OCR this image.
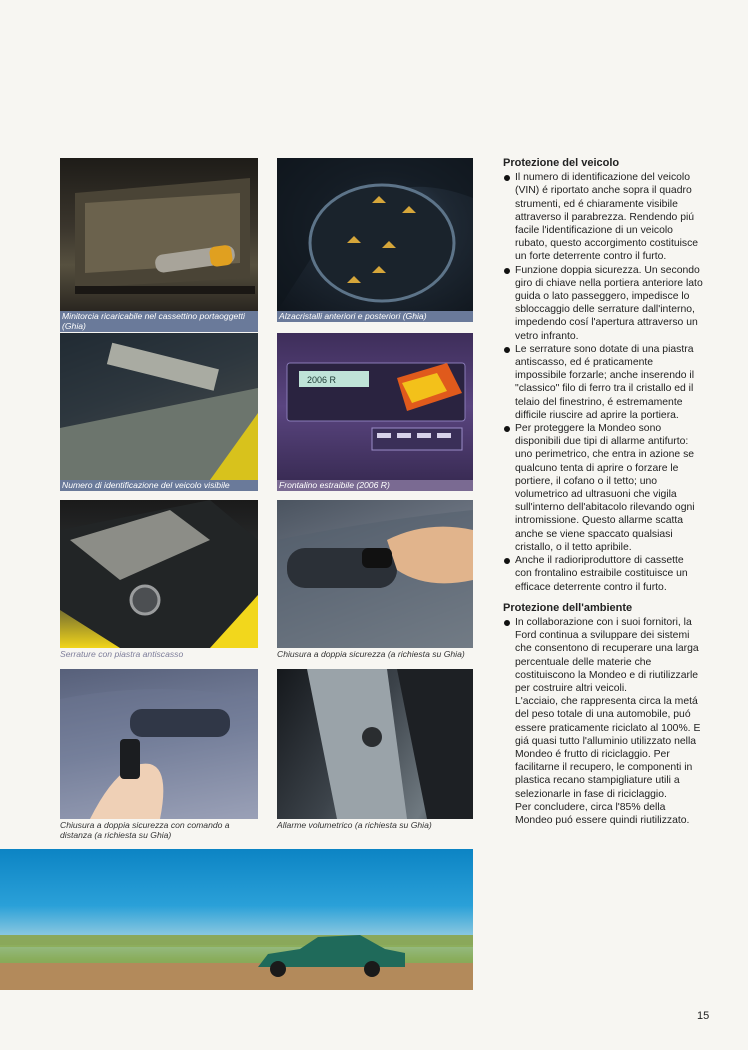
Minitorcia ricaricabile nel cassettino portaoggetti (Ghia)
Alzacristalli anteriori e posteriori (Ghia)
Numero di identificazione del veicolo visibile
2006 R
Frontalino estraibile (2006 R)
Serrature con piastra antiscasso	Chiusura a doppia sicurezza (a richiesta su Ghia)
Chiusura a doppia sicurezza con comando a distanza (a richiesta su Ghia)
Allarme volumetrico (a richiesta su Ghia)
Protezione del veicolo
Il numero di identificazione del veicolo (VIN) é riportato anche sopra il quadro strumenti, ed é chiaramente visibile attraverso il parabrezza. Rendendo piú facile l'identificazione di un veicolo rubato, questo accorgimento costituisce un forte deterrente contro il furto.
Funzione doppia sicurezza. Un secondo giro di chiave nella portiera anteriore lato guida o lato passeggero, impedisce lo sbloccaggio delle serrature dall'interno, impedendo cosí l'apertura attraverso un vetro infranto.
Le serrature sono dotate di una piastra antiscasso, ed é praticamente impossibile forzarle; anche inserendo il "classico" filo di ferro tra il cristallo ed il telaio del finestrino, é estremamente difficile riuscire ad aprire la portiera.
Per proteggere la Mondeo sono disponibili due tipi di allarme antifurto: uno perimetrico, che entra in azione se qualcuno tenta di aprire o forzare le portiere, il cofano o il tetto; uno volumetrico ad ultrasuoni che vigila sull'interno dell'abitacolo rilevando ogni intromissione. Questo allarme scatta anche se viene spaccato qualsiasi cristallo, o il tetto apribile.
Anche il radioriproduttore di cassette con frontalino estraibile costituisce un efficace deterrente contro il furto.
Protezione dell'ambiente
In collaborazione con i suoi fornitori, la Ford continua a sviluppare dei sistemi che consentono di recuperare una larga percentuale delle materie che costituiscono la Mondeo e di riutilizzarle per costruire altri veicoli.
L'acciaio, che rappresenta circa la metá del peso totale di una automobile, puó essere praticamente riciclato al 100%. E giá quasi tutto l'alluminio utilizzato nella Mondeo é frutto di riciclaggio. Per facilitarne il recupero, le componenti in plastica recano stampigliature utili a selezionarle in fase di riciclaggio.
Per concludere, circa l'85% della Mondeo puó essere quindi riutilizzato.
15
